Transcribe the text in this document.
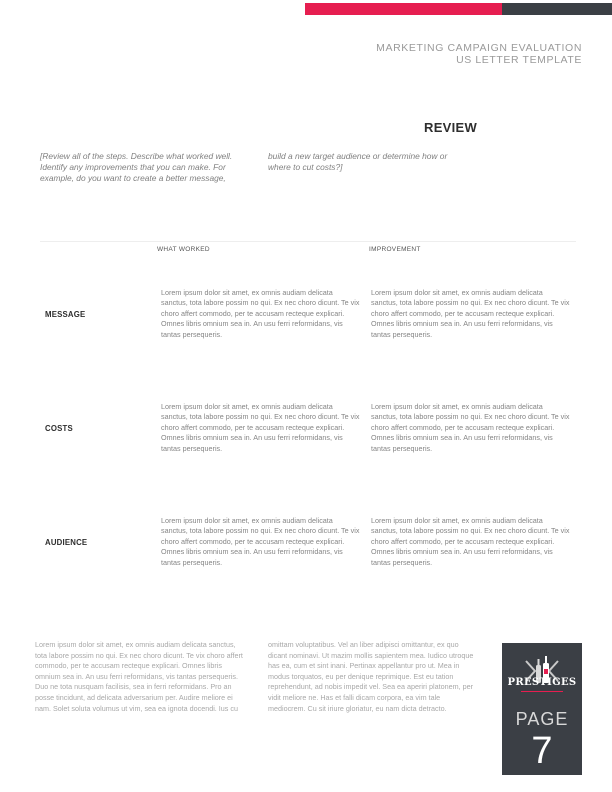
MARKETING CAMPAIGN EVALUATION
US LETTER TEMPLATE
REVIEW
[Review all of the steps. Describe what worked well. Identify any improvements that you can make. For example, do you want to create a better message, build a new target audience or determine how or where to cut costs?]
WHAT WORKED	IMPROVEMENT
MESSAGE
Lorem ipsum dolor sit amet, ex omnis audiam delicata sanctus, tota labore possim no qui. Ex nec choro dicunt. Te vix choro affert commodo, per te accusam recteque explicari. Omnes libris omnium sea in. An usu ferri reformidans, vis tantas persequeris.
Lorem ipsum dolor sit amet, ex omnis audiam delicata sanctus, tota labore possim no qui. Ex nec choro dicunt. Te vix choro affert commodo, per te accusam recteque explicari. Omnes libris omnium sea in. An usu ferri reformidans, vis tantas persequeris.
COSTS
Lorem ipsum dolor sit amet, ex omnis audiam delicata sanctus, tota labore possim no qui. Ex nec choro dicunt. Te vix choro affert commodo, per te accusam recteque explicari. Omnes libris omnium sea in. An usu ferri reformidans, vis tantas persequeris.
Lorem ipsum dolor sit amet, ex omnis audiam delicata sanctus, tota labore possim no qui. Ex nec choro dicunt. Te vix choro affert commodo, per te accusam recteque explicari. Omnes libris omnium sea in. An usu ferri reformidans, vis tantas persequeris.
AUDIENCE
Lorem ipsum dolor sit amet, ex omnis audiam delicata sanctus, tota labore possim no qui. Ex nec choro dicunt. Te vix choro affert commodo, per te accusam recteque explicari. Omnes libris omnium sea in. An usu ferri reformidans, vis tantas persequeris.
Lorem ipsum dolor sit amet, ex omnis audiam delicata sanctus, tota labore possim no qui. Ex nec choro dicunt. Te vix choro affert commodo, per te accusam recteque explicari. Omnes libris omnium sea in. An usu ferri reformidans, vis tantas persequeris.
Lorem ipsum dolor sit amet, ex omnis audiam delicata sanctus, tota labore possim no qui. Ex nec choro dicunt. Te vix choro affert commodo, per te accusam recteque explicari. Omnes libris omnium sea in. An usu ferri reformidans, vis tantas persequeris. Duo ne tota nusquam facilisis, sea in ferri reformidans. Pro an posse tincidunt, ad delicata adversarium per. Audire meliore ei nam. Solet soluta volumus ut vim, sea ea ignota docendi. Ius cu omittam voluptatibus. Vel an liber adipisci omittantur, ex quo dicant nominavi. Ut mazim mollis sapientem mea. Iudico utroque has ea, cum et sint inani. Pertinax appellantur pro ut. Mea in modus torquatos, eu per denique reprimique. Est eu tation reprehendunt, ad nobis impedit vel. Sea ea aperiri platonem, per vidit meliore ne. Has et falli dicam corpora, ea vim tale mediocrem. Cu sit iriure gloriatur, eu nam dicta detracto.
PRESTIGES
PAGE
7
